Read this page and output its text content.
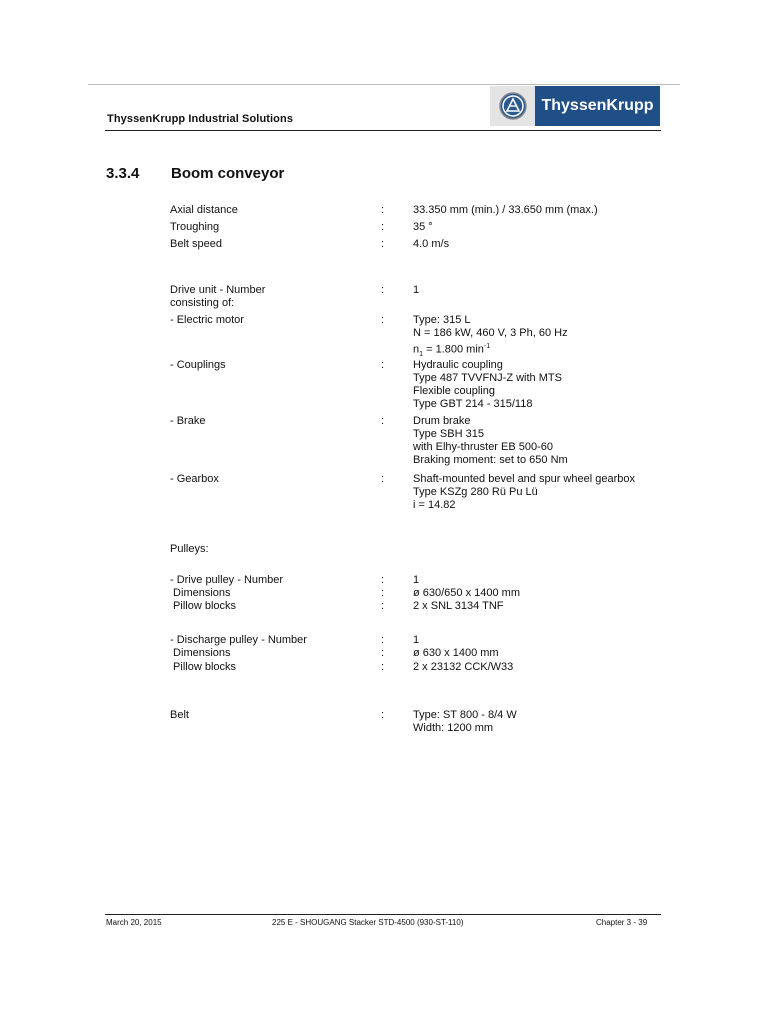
ThyssenKrupp
ThyssenKrupp Industrial Solutions
3.3.4 Boom conveyor
Axial distance	:	33.350 mm (min.) / 33.650 mm (max.)
Troughing	:	35 °
Belt speed	:	4.0 m/s
Drive unit - Number
consisting of:
:	1
- Electric motor	:	Type: 315 L
N = 186 kW, 460 V, 3 Ph, 60 Hz
$n_1 = 1.800$ $\min^{-1}$
- Couplings	:	Hydraulic coupling
Type 487 TVVFNJ-Z with MTS
Flexible coupling
Type GBT 214 - 315/118
- Brake	:	Drum brake
Type SBH 315
with Elhy-thruster EB 500-60
Braking moment: set to 650 Nm
- Gearbox	:	Shaft-mounted bevel and spur wheel gearbox
Type KSZg 280 Rü Pu Lü
i = 14.82
Pulleys:
- Drive pulley - Number	:	1
Dimensions	:	ø 630/650 x 1400 mm
Pillow blocks	:	2 x SNL 3134 TNF
- Discharge pulley - Number	:	1
Dimensions	:	ø 630 x 1400 mm
Pillow blocks	:	2 x 23132 CCK/W33
Belt	:	Type: ST 800 - 8/4 W
Width: 1200 mm
March 20, 2015	225 E - SHOUGANG Stacker STD-4500 (930-ST-110)	Chapter 3 - 39
